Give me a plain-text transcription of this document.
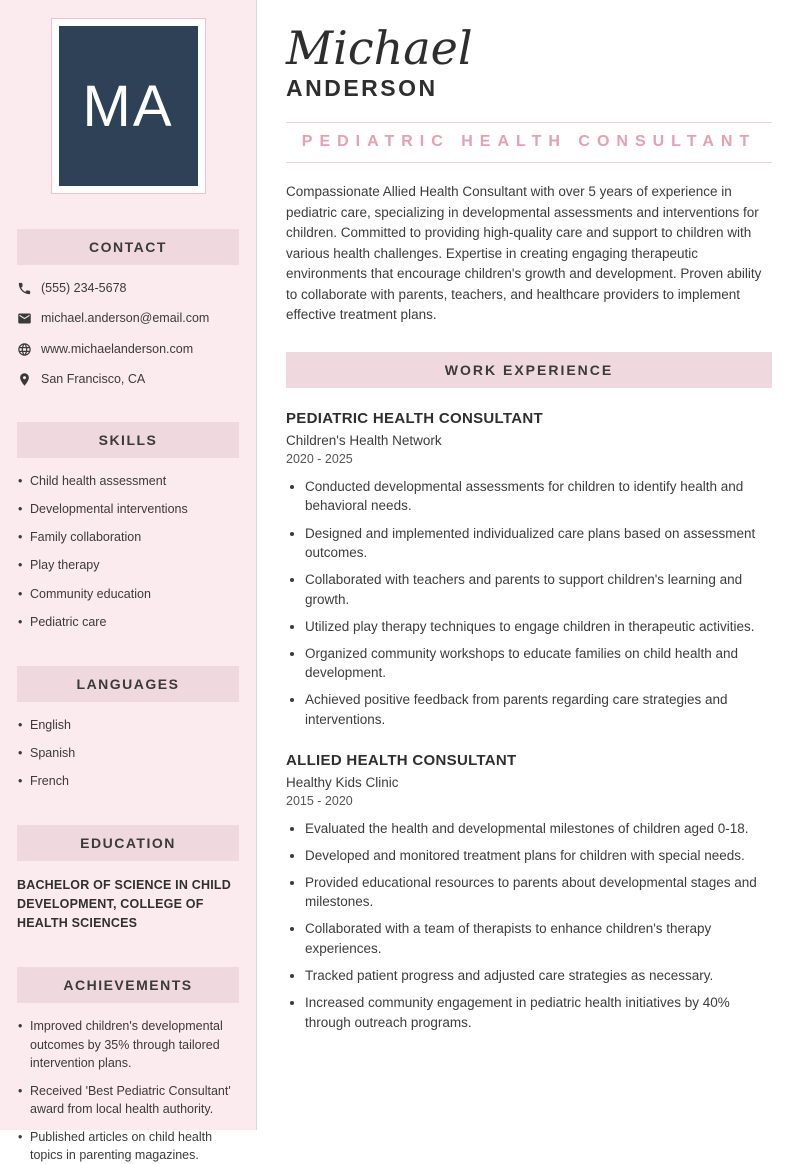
MA
CONTACT
(555) 234-5678
michael.anderson@email.com
www.michaelanderson.com
San Francisco, CA
SKILLS
• Child health assessment
• Developmental interventions
• Family collaboration
• Play therapy
• Community education
• Pediatric care
LANGUAGES
• English
• Spanish
• French
EDUCATION

BACHELOR OF SCIENCE IN CHILD DEVELOPMENT, COLLEGE OF HEALTH SCIENCES

ACHIEVEMENTS
• Improved children's developmental outcomes by 35% through tailored intervention plans.
• Received 'Best Pediatric Consultant' award from local health authority.
• Published articles on child health topics in parenting magazines.
Michael
ANDERSON
PEDIATRIC HEALTH CONSULTANT

Compassionate Allied Health Consultant with over 5 years of experience in pediatric care, specializing in developmental assessments and interventions for children. Committed to providing high-quality care and support to children with various health challenges. Expertise in creating engaging therapeutic environments that encourage children's growth and development. Proven ability to collaborate with parents, teachers, and healthcare providers to implement effective treatment plans.

WORK EXPERIENCE
PEDIATRIC HEALTH CONSULTANT
Children's Health Network
2020 - 2025
• Conducted developmental assessments for children to identify health and behavioral needs.
• Designed and implemented individualized care plans based on assessment outcomes.
• Collaborated with teachers and parents to support children's learning and growth.
• Utilized play therapy techniques to engage children in therapeutic activities.
• Organized community workshops to educate families on child health and development.
• Achieved positive feedback from parents regarding care strategies and interventions.
ALLIED HEALTH CONSULTANT
Healthy Kids Clinic
2015 - 2020
• Evaluated the health and developmental milestones of children aged 0-18.
• Developed and monitored treatment plans for children with special needs.
• Provided educational resources to parents about developmental stages and milestones.
• Collaborated with a team of therapists to enhance children's therapy experiences.
• Tracked patient progress and adjusted care strategies as necessary.
• Increased community engagement in pediatric health initiatives by 40% through outreach programs.
